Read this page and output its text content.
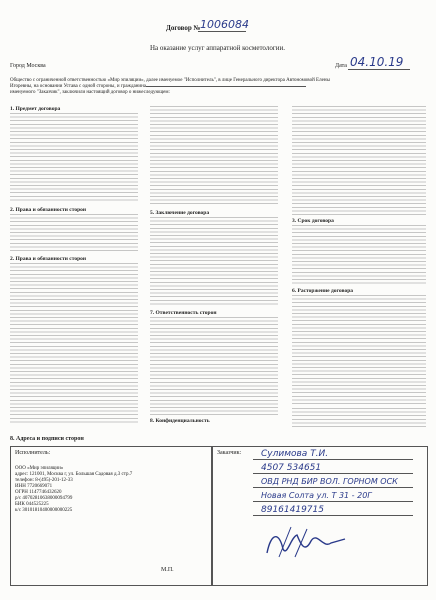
Договор № 1006084
На оказание услуг аппаратной косметологии.
Город Москва	Дата 04.10.19
Общество с ограниченной ответственностью «Мир эпиляции», далее именуемое "Исполнитель", в лице Генерального директора Автономовой Елены
Игоревны, на основании Устава с одной стороны, и гражданина
именуемого "Заказчик", заключили настоящий договор о нижеследующем:
1. Предмет договора
2. Права и обязанности сторон
2. Права и обязанности сторон
5. Заключение договора
7. Ответственность сторон
8. Конфиденциальность
3. Срок договора
6. Расторжение договора
8. Адреса и подписи сторон
Исполнитель:
ООО «Мир эпиляции»
адрес: 121001, Москва г, ул. Большая Садовая д.3 стр.7
телефон: 8-(495)-201-12-33
ИНН 7720669071
ОГРН 1147746432620
р/с 40702810638000094799
БИК 044525225
к/с 30101810400000000225
М.П.
Заказчик:	Сулимова Т.И.
4507 534651
ОВД РНД БИР ВОЛ. ГОРНОМ ОСК
Новая Солта ул. Т 31 - 20Г
89161419715
